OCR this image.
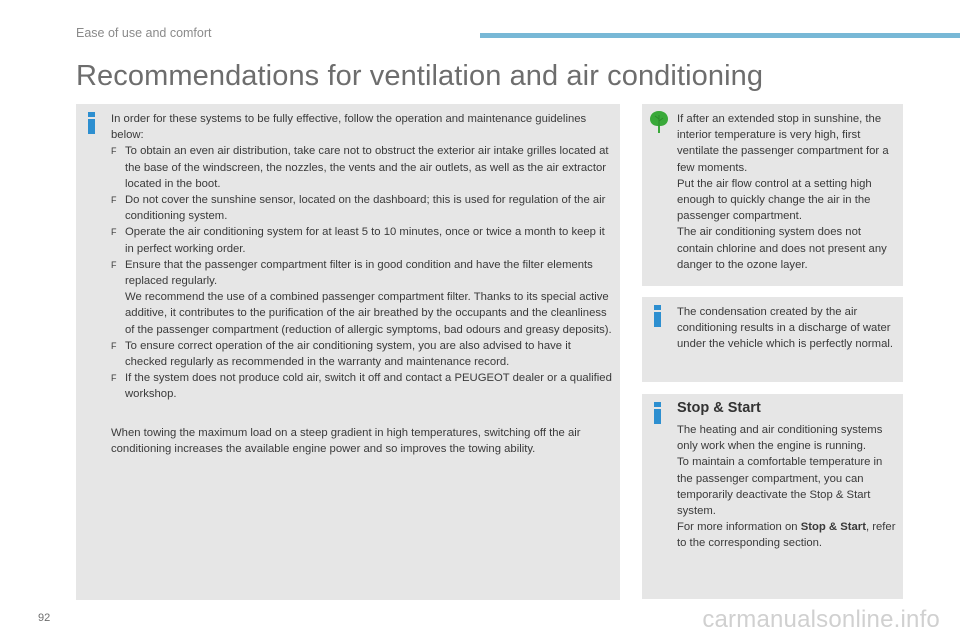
Ease of use and comfort
Recommendations for ventilation and air conditioning

In order for these systems to be fully effective, follow the operation and maintenance guidelines below:

F To obtain an even air distribution, take care not to obstruct the exterior air intake grilles located at the base of the windscreen, the nozzles, the vents and the air outlets, as well as the air extractor located in the boot.
F Do not cover the sunshine sensor, located on the dashboard; this is used for regulation of the air conditioning system.
F Operate the air conditioning system for at least 5 to 10 minutes, once or twice a month to keep it in perfect working order.
F Ensure that the passenger compartment filter is in good condition and have the filter elements replaced regularly.
We recommend the use of a combined passenger compartment filter. Thanks to its special active additive, it contributes to the purification of the air breathed by the occupants and the cleanliness of the passenger compartment (reduction of allergic symptoms, bad odours and greasy deposits).
F To ensure correct operation of the air conditioning system, you are also advised to have it checked regularly as recommended in the warranty and maintenance record.
F If the system does not produce cold air, switch it off and contact a PEUGEOT dealer or a qualified workshop.

When towing the maximum load on a steep gradient in high temperatures, switching off the air conditioning increases the available engine power and so improves the towing ability.

If after an extended stop in sunshine, the interior temperature is very high, first ventilate the passenger compartment for a few moments.

Put the air flow control at a setting high enough to quickly change the air in the passenger compartment.

The air conditioning system does not contain chlorine and does not present any danger to the ozone layer.

The condensation created by the air conditioning results in a discharge of water under the vehicle which is perfectly normal.

Stop & Start

The heating and air conditioning systems only work when the engine is running.

To maintain a comfortable temperature in the passenger compartment, you can temporarily deactivate the Stop & Start system.

For more information on Stop & Start, refer to the corresponding section.

92	carmanualsonline.info
